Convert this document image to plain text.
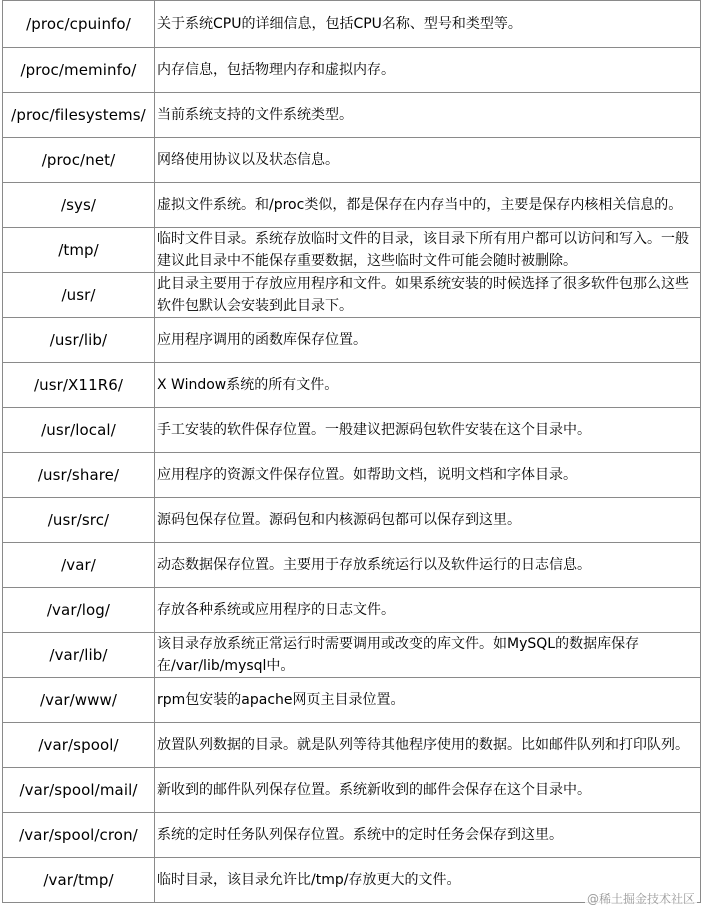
/proc/cpuinfo/	关于系统CPU的详细信息，包括CPU名称、型号和类型等。
/proc/meminfo/	内存信息，包括物理内存和虚拟内存。
/proc/filesystems/	当前系统支持的文件系统类型。
/proc/net/	网络使用协议以及状态信息。
/sys/	虚拟文件系统。和/proc类似，都是保存在内存当中的，主要是保存内核相关信息的。
/tmp/	临时文件目录。系统存放临时文件的目录，该目录下所有用户都可以访问和写入。一般建议此目录中不能保存重要数据，这些临时文件可能会随时被删除。
/usr/	此目录主要用于存放应用程序和文件。如果系统安装的时候选择了很多软件包那么这些软件包默认会安装到此目录下。
/usr/lib/	应用程序调用的函数库保存位置。
/usr/X11R6/	X Window系统的所有文件。
/usr/local/	手工安装的软件保存位置。一般建议把源码包软件安装在这个目录中。
/usr/share/	应用程序的资源文件保存位置。如帮助文档，说明文档和字体目录。
/usr/src/	源码包保存位置。源码包和内核源码包都可以保存到这里。
/var/	动态数据保存位置。主要用于存放系统运行以及软件运行的日志信息。
/var/log/	存放各种系统或应用程序的日志文件。
/var/lib/	该目录存放系统正常运行时需要调用或改变的库文件。如MySQL的数据库保存在/var/lib/mysql中。
/var/www/	rpm包安装的apache网页主目录位置。
/var/spool/	放置队列数据的目录。就是队列等待其他程序使用的数据。比如邮件队列和打印队列。
/var/spool/mail/	新收到的邮件队列保存位置。系统新收到的邮件会保存在这个目录中。
/var/spool/cron/	系统的定时任务队列保存位置。系统中的定时任务会保存到这里。
/var/tmp/	临时目录，该目录允许比/tmp/存放更大的文件。
@稀土掘金技术社区
